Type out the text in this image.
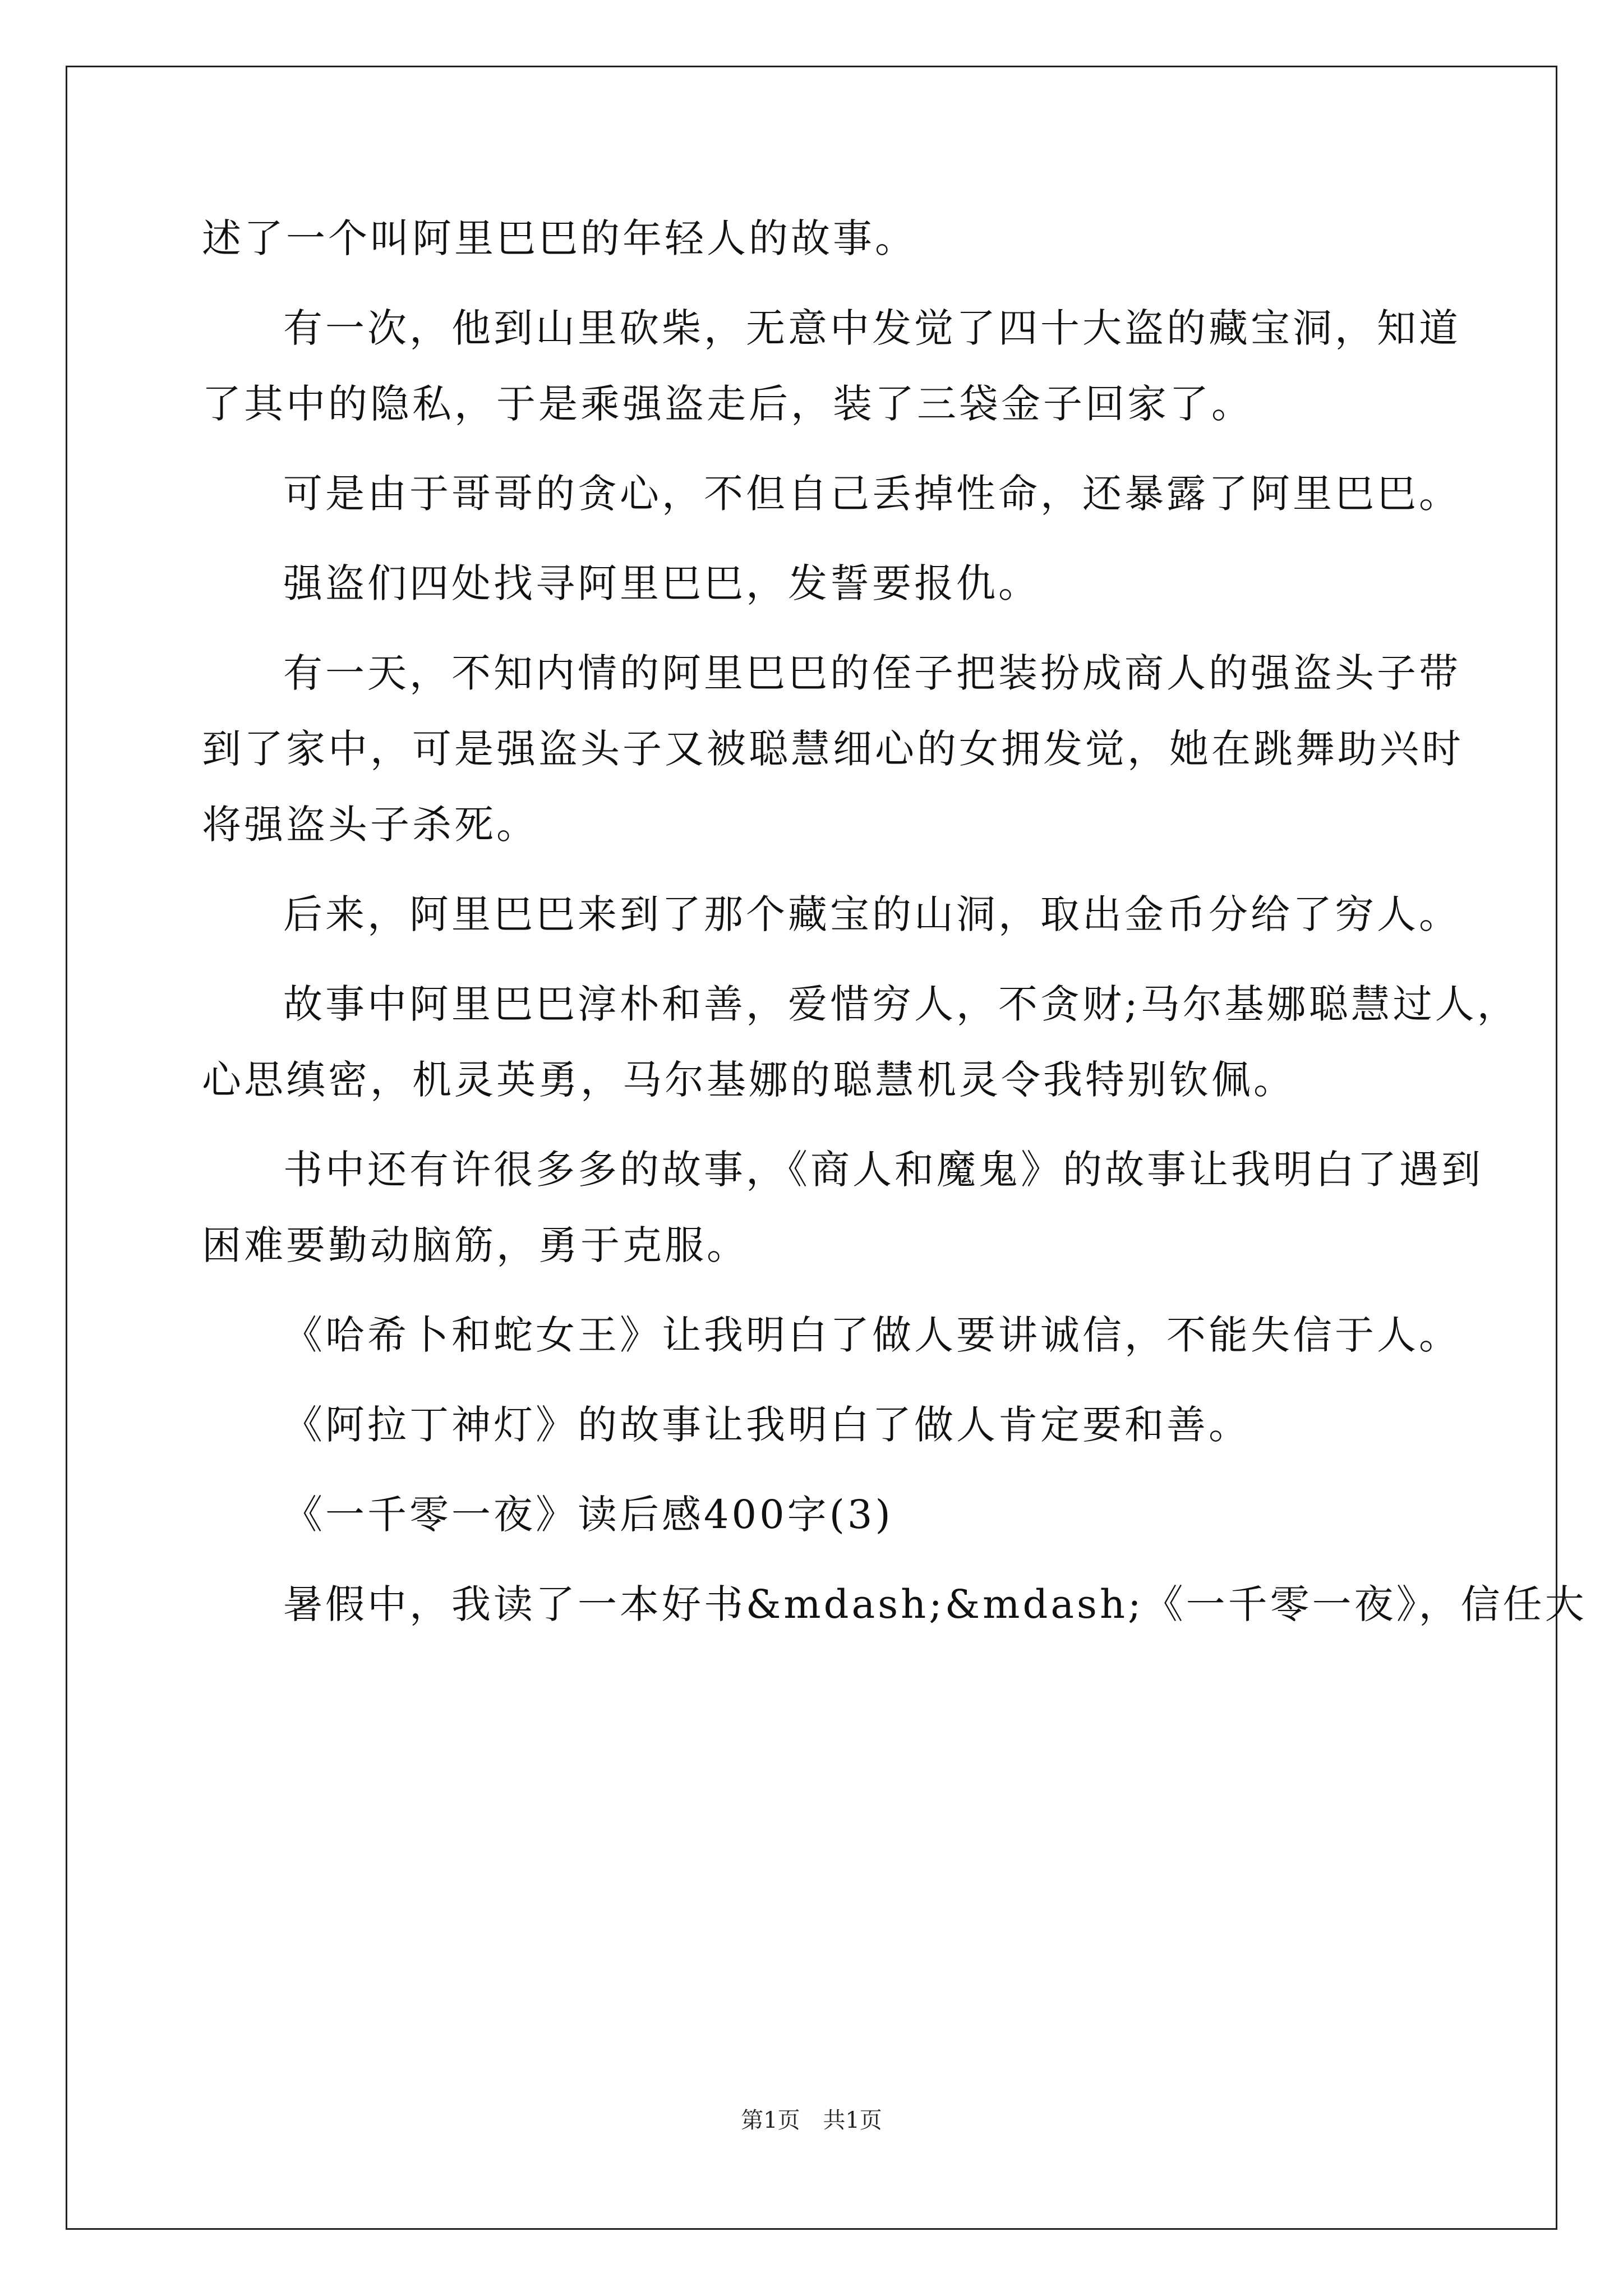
述了一个叫阿里巴巴的年轻人的故事。
有一次，他到山里砍柴，无意中发觉了四十大盗的藏宝洞，知道
了其中的隐私，于是乘强盗走后，装了三袋金子回家了。
可是由于哥哥的贪心，不但自己丢掉性命，还暴露了阿里巴巴。
强盗们四处找寻阿里巴巴，发誓要报仇。
有一天，不知内情的阿里巴巴的侄子把装扮成商人的强盗头子带
到了家中，可是强盗头子又被聪慧细心的女拥发觉，她在跳舞助兴时
将强盗头子杀死。
后来，阿里巴巴来到了那个藏宝的山洞，取出金币分给了穷人。
故事中阿里巴巴淳朴和善，爱惜穷人，不贪财;马尔基娜聪慧过人，
心思缜密，机灵英勇，马尔基娜的聪慧机灵令我特别钦佩。
书中还有许很多多的故事，《商人和魔鬼》的故事让我明白了遇到
困难要勤动脑筋，勇于克服。
《哈希卜和蛇女王》让我明白了做人要讲诚信，不能失信于人。
《阿拉丁神灯》的故事让我明白了做人肯定要和善。
《一千零一夜》读后感400字(3)
暑假中，我读了一本好书&mdash;&mdash;《一千零一夜》，信任大
第1页 共1页
